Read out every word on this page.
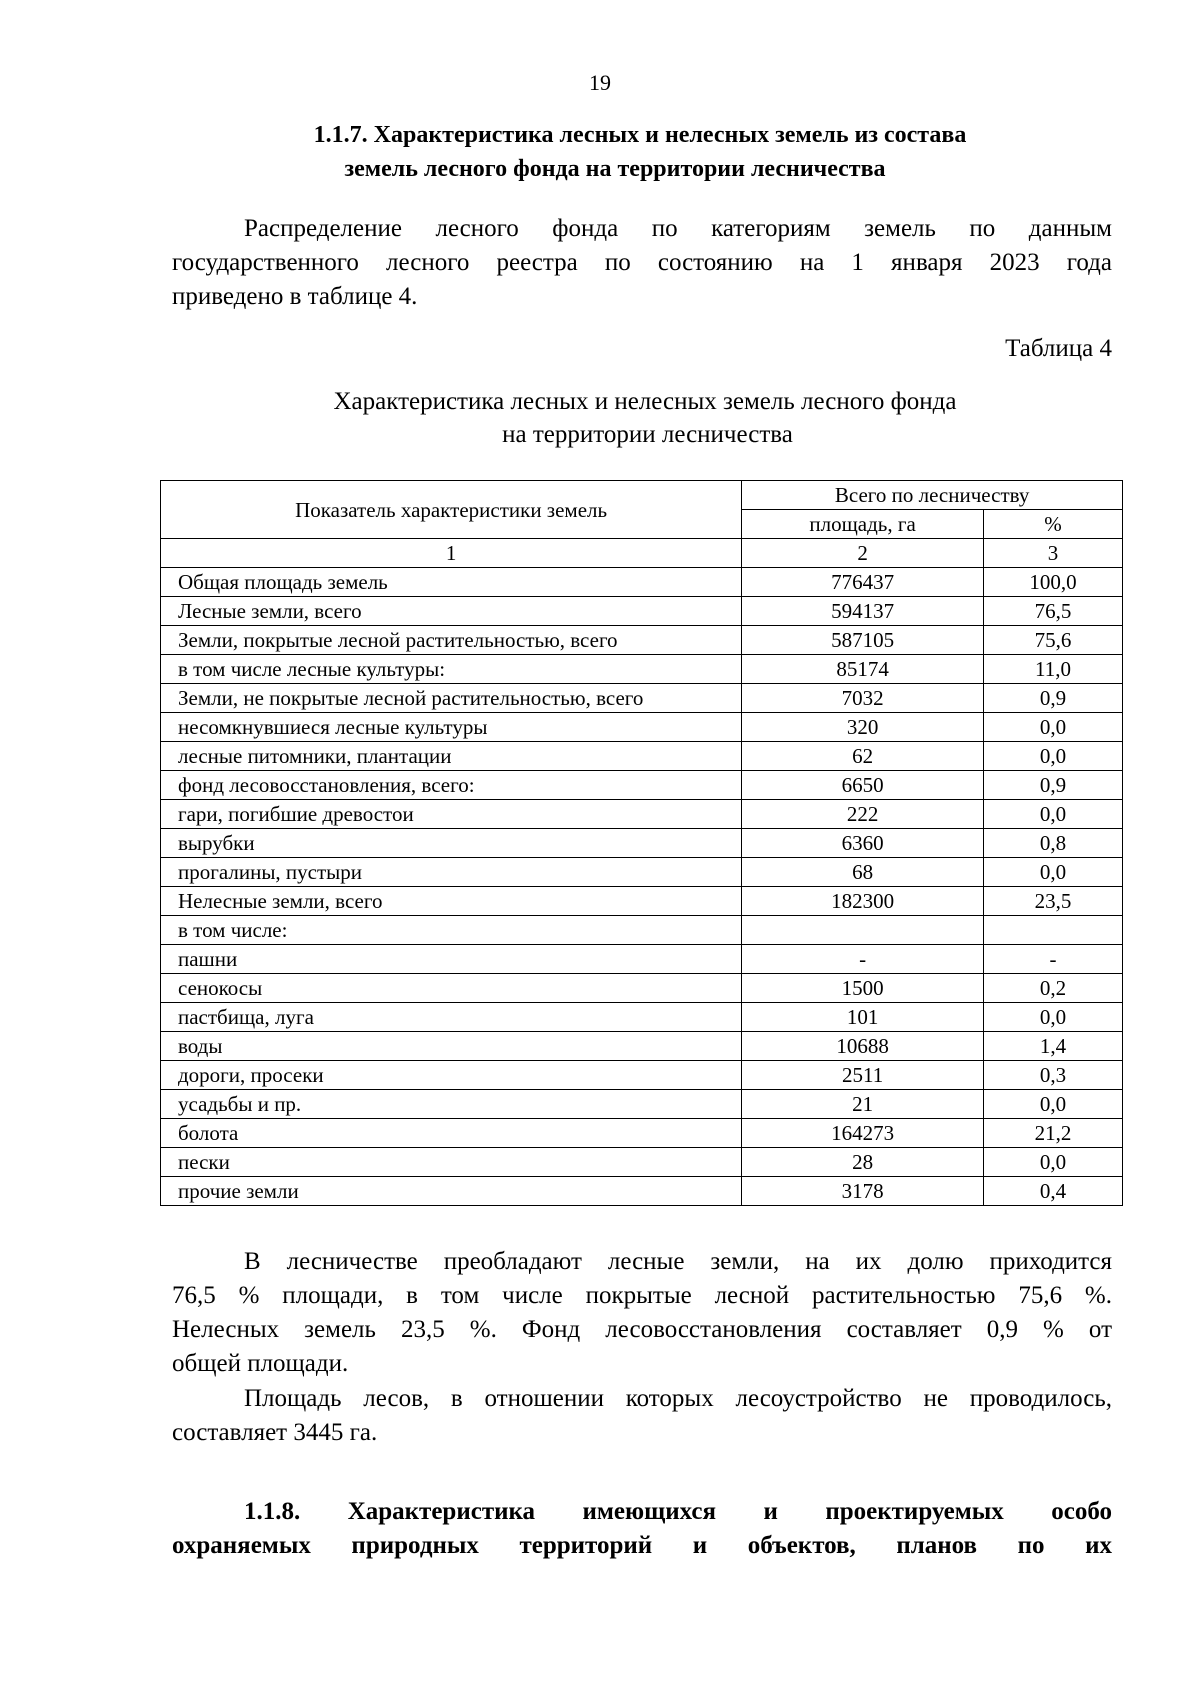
19
1.1.7. Характеристика лесных и нелесных земель из состава
земель лесного фонда на территории лесничества
Распределение лесного фонда по категориям земель по данным
государственного лесного реестра по состоянию на 1 января 2023 года
приведено в таблице 4.
Таблица 4
Характеристика лесных и нелесных земель лесного фонда
на территории лесничества
Показатель характеристики земель	Всего по лесничеству	
	площадь, га	%
1	2	3
Общая площадь земель	776437	100,0
Лесные земли, всего	594137	76,5
Земли, покрытые лесной растительностью, всего	587105	75,6
в том числе лесные культуры:	85174	11,0
Земли, не покрытые лесной растительностью, всего	7032	0,9
несомкнувшиеся лесные культуры	320	0,0
лесные питомники, плантации	62	0,0
фонд лесовосстановления, всего:	6650	0,9
гари, погибшие древостои	222	0,0
вырубки	6360	0,8
прогалины, пустыри	68	0,0
Нелесные земли, всего	182300	23,5
в том числе:		
пашни	-	-
сенокосы	1500	0,2
пастбища, луга	101	0,0
воды	10688	1,4
дороги, просеки	2511	0,3
усадьбы и пр.	21	0,0
болота	164273	21,2
пески	28	0,0
прочие земли	3178	0,4
В лесничестве преобладают лесные земли, на их долю приходится
76,5 % площади, в том числе покрытые лесной растительностью 75,6 %.
Нелесных земель 23,5 %. Фонд лесовосстановления составляет 0,9 % от
общей площади.
Площадь лесов, в отношении которых лесоустройство не проводилось,
составляет 3445 га.
1.1.8. Характеристика имеющихся и проектируемых особо
охраняемых природных территорий и объектов, планов по их
